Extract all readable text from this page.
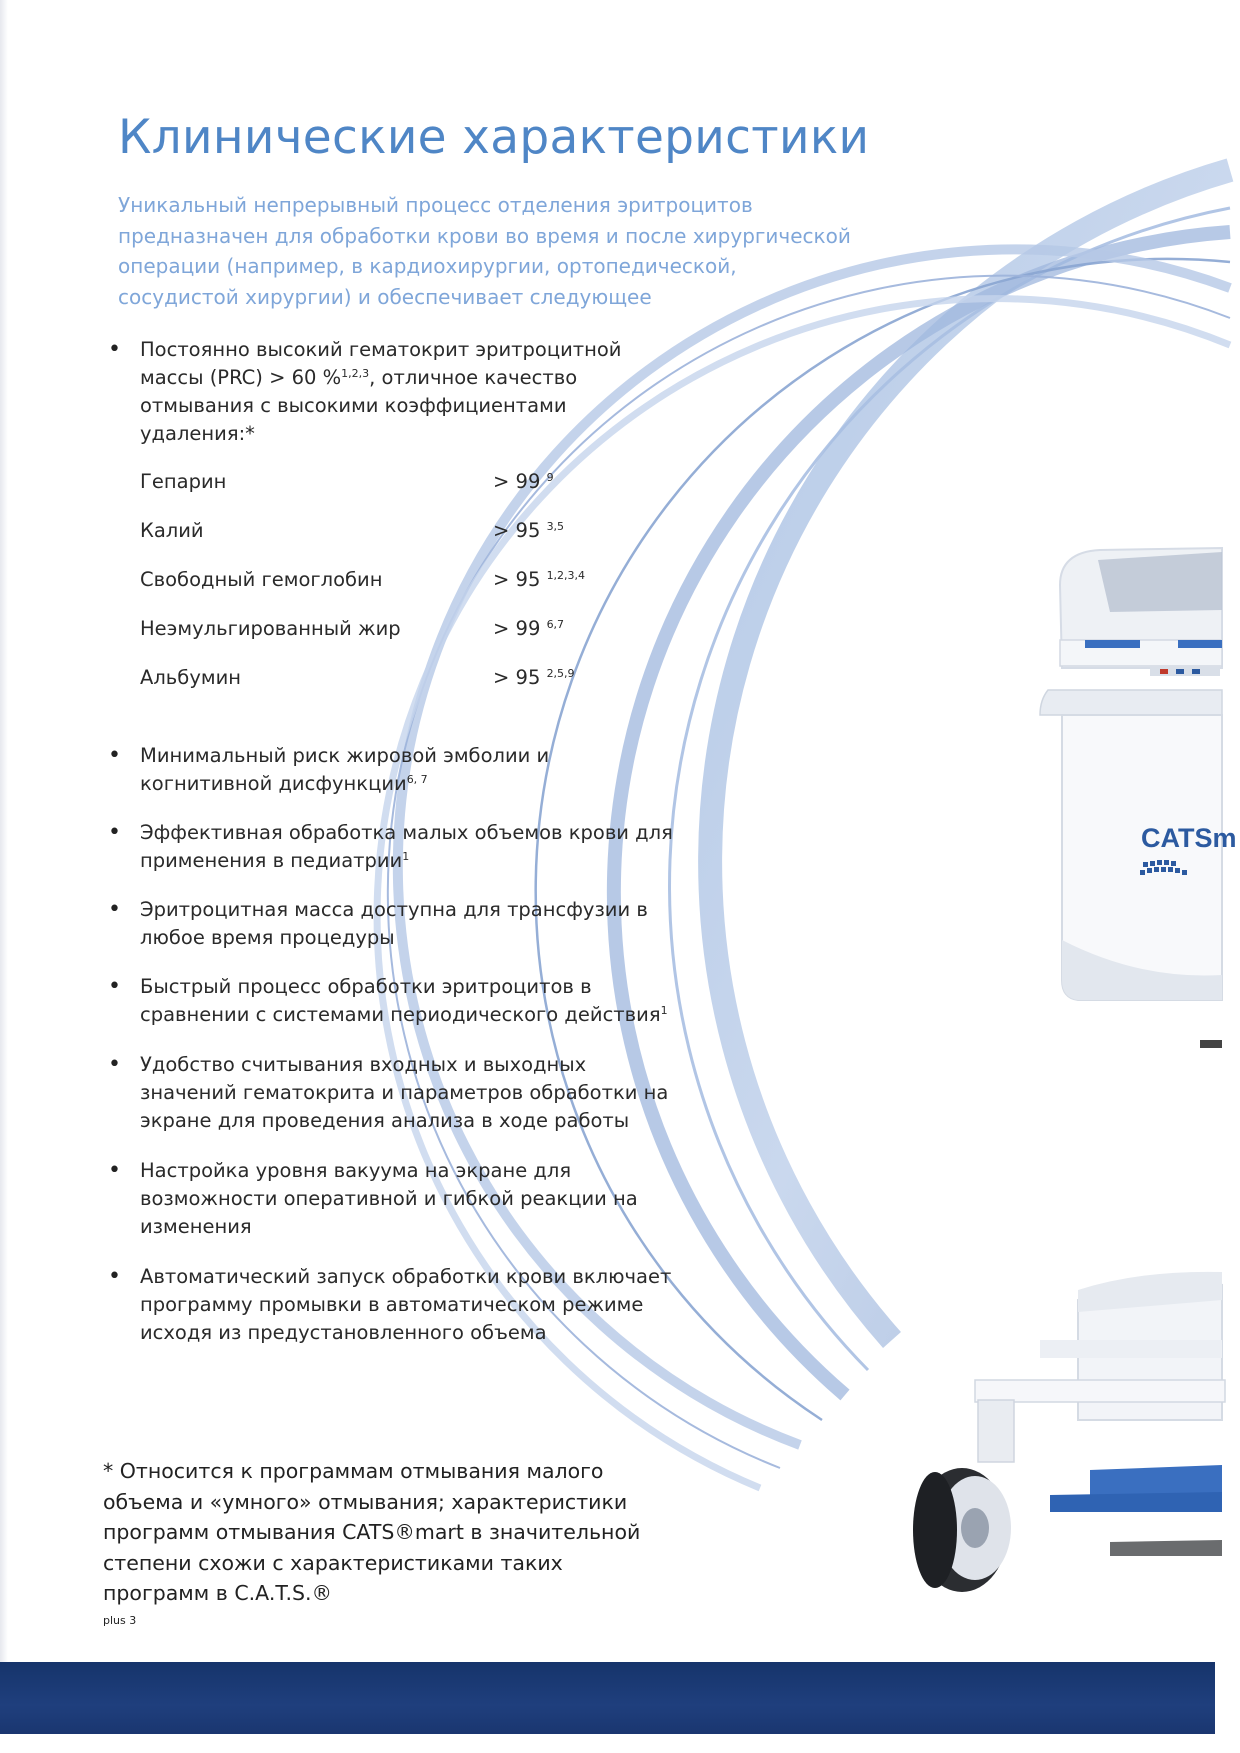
CATSm
Клинические характеристики

Уникальный непрерывный процесс отделения эритроцитов
предназначен для обработки крови во время и после хирургической
операции (например, в кардиохирургии, ортопедической,
сосудистой хирургии) и обеспечивает следующее

• Постоянно высокий гематокрит эритроцитной
массы (PRC) > 60 %$^{1,2,3}$, отличное качество
отмывания с высокими коэффициентами
удаления:*
• Минимальный риск жировой эмболии и
когнитивной дисфункции$^{6, 7}$
• Эффективная обработка малых объемов крови для
применения в педиатрии$^1$
• Эритроцитная масса доступна для трансфузии в
любое время процедуры
• Быстрый процесс обработки эритроцитов в
сравнении с системами периодического действия$^1$
• Удобство считывания входных и выходных
значений гематокрита и параметров обработки на
экране для проведения анализа в ходе работы
• Настройка уровня вакуума на экране для
возможности оперативной и гибкой реакции на
изменения
• Автоматический запуск обработки крови включает
программу промывки в автоматическом режиме
исходя из предустановленного объема
Гепарин	> 99 $^9$
Калий	> 95 $^{3,5}$
Свободный гемоглобин	> 95 $^{1,2,3,4}$
Неэмульгированный жир	> 99 $^{6,7}$
Альбумин	> 95 $^{2,5,9}$

* Относится к программам отмывания малого
объема и «умного» отмывания; характеристики
программ отмывания CATS®mart в значительной
степени схожи с характеристиками таких
программ в C.A.T.S.®
$^{plus 3}$
